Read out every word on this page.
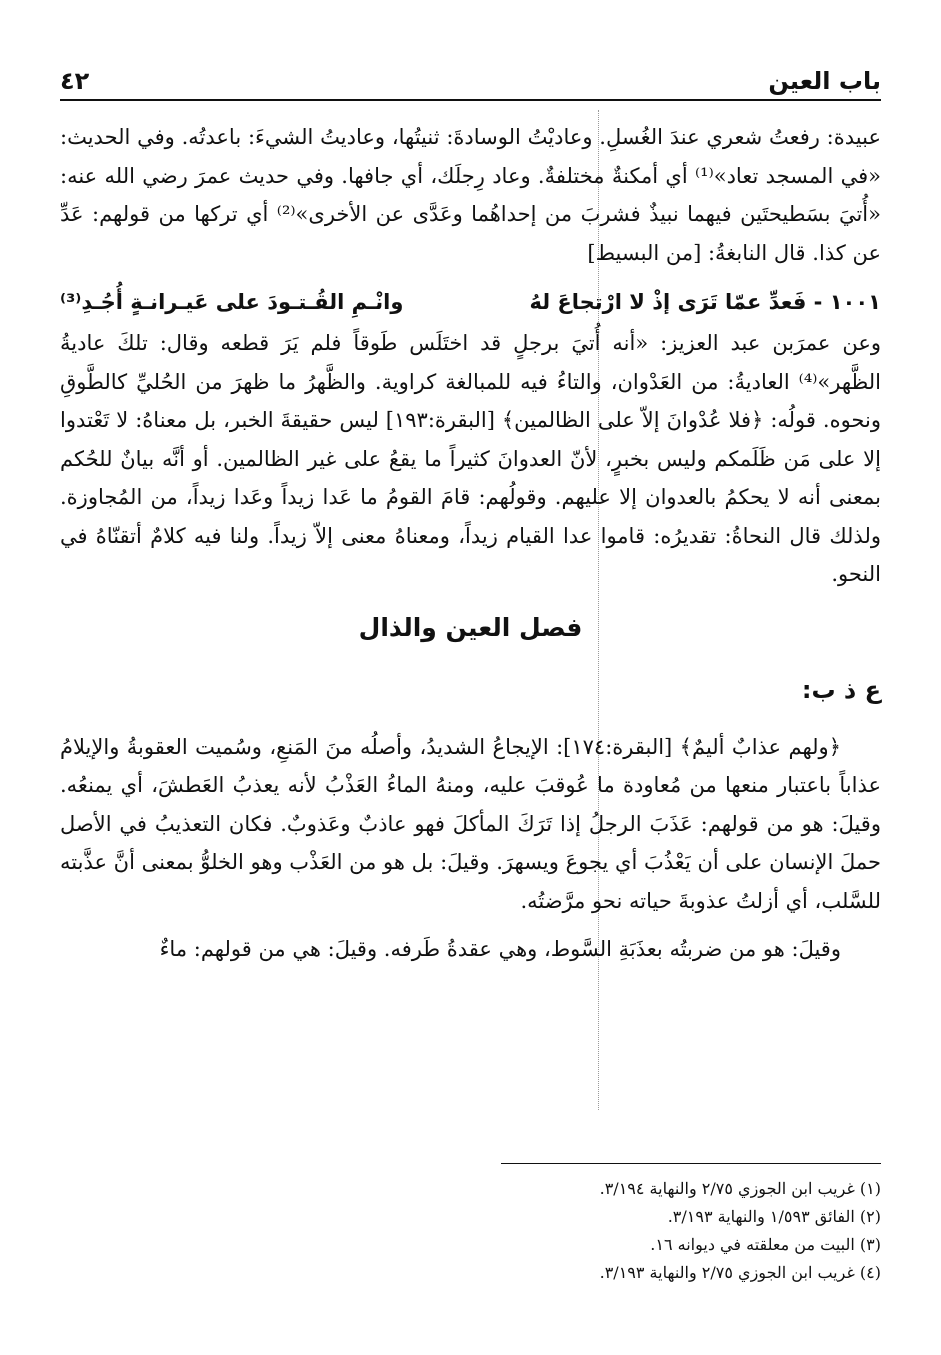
باب العين
٤٢

عبيدة: رفعتُ شعري عندَ الغُسلِ. وعاديْتُ الوسادةَ: ثنيتُها، وعاديتُ الشيءَ: باعدتُه. وفي الحديث: «في المسجد تعاد»⁽¹⁾ أي أمكنةٌ مختلفةٌ. وعاد رِجلَك، أي جافها. وفي حديث عمرَ رضي الله عنه: «أُتيَ بسَطيحتَين فيهما نبيذٌ فشربَ من إحداهُما وعَدَّى عن الأخرى»⁽²⁾ أي تركها من قولهم: عَدِّ عن كذا. قال النابغةُ: [من البسيط]

١٠٠١ - فَعدِّ عمّا تَرَى إذْ لا ارْتجاعَ لهُ
وانْـمِ القُـتـودَ على عَيـرانـةٍ أُجُـدِ⁽³⁾

وعن عمرَبن عبد العزيز: «أنه أُتيَ برجلٍ قد اختَلَس طَوقاً فلم يَرَ قطعه وقال: تلكَ عاديةُ الظَّهر»⁽⁴⁾ العاديةُ: من العَدْوان، والتاءُ فيه للمبالغة كراوية. والظَّهرُ ما ظهرَ من الحُليِّ كالطَّوقِ ونحوه. قولُه: ﴿فلا عُدْوانَ إلاّ على الظالمين﴾ [البقرة:١٩٣] ليس حقيقةَ الخبر، بل معناهُ: لا تَعْتدوا إلا على مَن ظَلَمكم وليس بخبرٍ، لأنّ العدوانَ كثيراً ما يقعُ على غير الظالمين. أو أنَّه بيانٌ للحُكم بمعنى أنه لا يحكمُ بالعدوان إلا عليهم. وقولُهم: قامَ القومُ ما عَدا زيداً وعَدا زيداً، من المُجاوزة. ولذلك قال النحاةُ: تقديرُه: قاموا عدا القيام زيداً، ومعناهُ معنى إلاّ زيداً. ولنا فيه كلامٌ أتقنّاهُ في النحو.

فصل العين والذال
ع ذ ب:

﴿ولهم عذابٌ أليمٌ﴾ [البقرة:١٧٤]: الإيجاعُ الشديدُ، وأصلُه منَ المَنعِ، وسُميت العقوبةُ والإيلامُ عذاباً باعتبار منعها من مُعاودة ما عُوقبَ عليه، ومنهُ الماءُ العَذْبُ لأنه يعذبُ العَطشَ، أي يمنعُه. وقيلَ: هو من قولهم: عَذَبَ الرجلُ إذا تَرَكَ المأكلَ فهو عاذبٌ وعَذوبٌ. فكان التعذيبُ في الأصل حملَ الإنسان على أن يَعْذُبَ أي يجوعَ ويسهرَ. وقيلَ: بل هو من العَذْب وهو الخلوُّ بمعنى أنَّ عذَّبته للسَّلب، أي أزلتُ عذوبةَ حياته نحو مرَّضتُه.

وقيلَ: هو من ضربتُه بعذَبَةِ السَّوط، وهي عقدةُ طَرفه. وقيلَ: هي من قولهم: ماءٌ

(١) غريب ابن الجوزي ٢/٧٥ والنهاية ٣/١٩٤.
(٢) الفائق ١/٥٩٣ والنهاية ٣/١٩٣.
(٣) البيت من معلقته في ديوانه ١٦.
(٤) غريب ابن الجوزي ٢/٧٥ والنهاية ٣/١٩٣.
